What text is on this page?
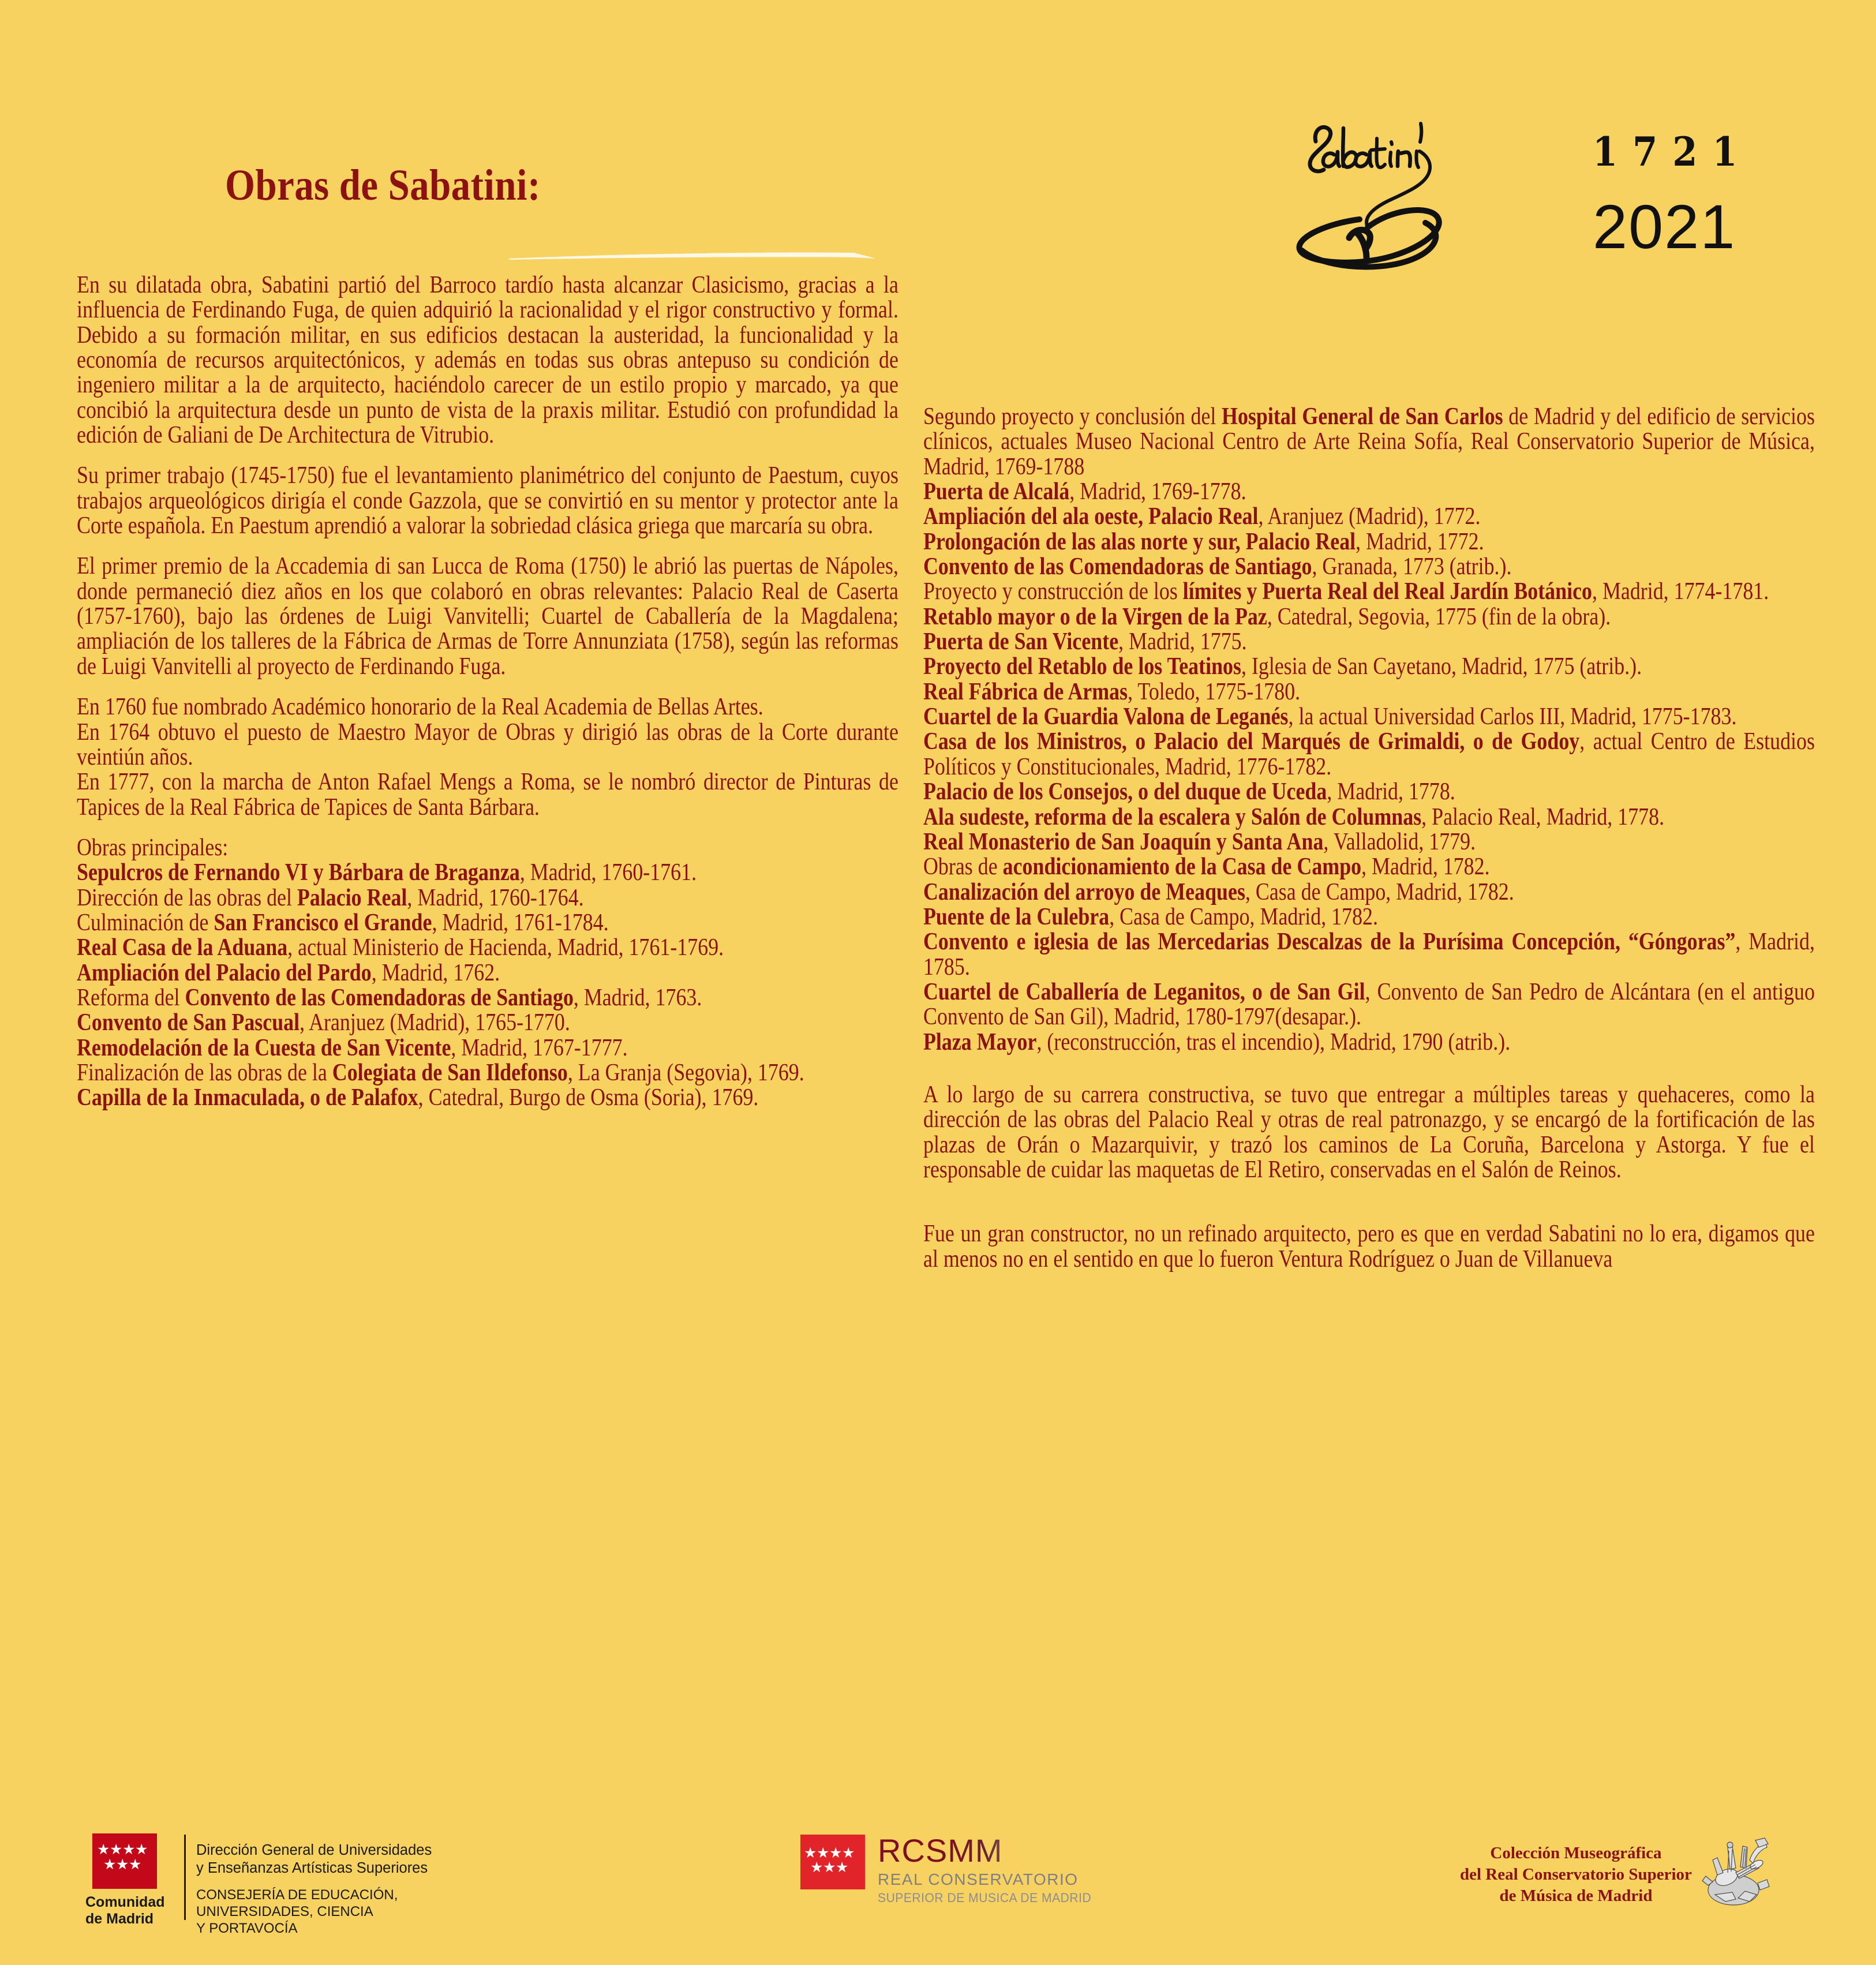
Obras de Sabatini:
1721
2021

En su dilatada obra, Sabatini partió del Barroco tardío hasta alcanzar Clasicismo, gracias a la influencia de Ferdinando Fuga, de quien adquirió la racionalidad y el rigor constructivo y formal. Debido a su formación militar, en sus edificios destacan la austeridad, la funcionalidad y la economía de recursos arquitectónicos, y además en todas sus obras antepuso su condición de ingeniero militar a la de arquitecto, haciéndolo carecer de un estilo propio y marcado, ya que concibió la arquitectura desde un punto de vista de la praxis militar. Estudió con profundidad la edición de Galiani de De Architectura de Vitrubio.

Su primer trabajo (1745-1750) fue el levantamiento planimétrico del conjunto de Paestum, cuyos trabajos arqueológicos dirigía el conde Gazzola, que se convirtió en su mentor y protector ante la Corte española. En Paestum aprendió a valorar la sobriedad clásica griega que marcaría su obra.

El primer premio de la Accademia di san Lucca de Roma (1750) le abrió las puertas de Nápoles, donde permaneció diez años en los que colaboró en obras relevantes: Palacio Real de Caserta (1757-1760), bajo las órdenes de Luigi Vanvitelli; Cuartel de Caballería de la Magdalena; ampliación de los talleres de la Fábrica de Armas de Torre Annunziata (1758), según las reformas de Luigi Vanvitelli al proyecto de Ferdinando Fuga.

En 1760 fue nombrado Académico honorario de la Real Academia de Bellas Artes.
En 1764 obtuvo el puesto de Maestro Mayor de Obras y dirigió las obras de la Corte durante veintiún años.
En 1777, con la marcha de Anton Rafael Mengs a Roma, se le nombró director de Pinturas de Tapices de la Real Fábrica de Tapices de Santa Bárbara.
Obras principales:
Sepulcros de Fernando VI y Bárbara de Braganza, Madrid, 1760-1761.
Dirección de las obras del Palacio Real, Madrid, 1760-1764.
Culminación de San Francisco el Grande, Madrid, 1761-1784.
Real Casa de la Aduana, actual Ministerio de Hacienda, Madrid, 1761-1769.
Ampliación del Palacio del Pardo, Madrid, 1762.
Reforma del Convento de las Comendadoras de Santiago, Madrid, 1763.
Convento de San Pascual, Aranjuez (Madrid), 1765-1770.
Remodelación de la Cuesta de San Vicente, Madrid, 1767-1777.
Finalización de las obras de la Colegiata de San Ildefonso, La Granja (Segovia), 1769.
Capilla de la Inmaculada, o de Palafox, Catedral, Burgo de Osma (Soria), 1769.
Segundo proyecto y conclusión del Hospital General de San Carlos de Madrid y del edificio de servicios clínicos, actuales Museo Nacional Centro de Arte Reina Sofía, Real Conservatorio Superior de Música, Madrid, 1769-1788
Puerta de Alcalá, Madrid, 1769-1778.
Ampliación del ala oeste, Palacio Real, Aranjuez (Madrid), 1772.
Prolongación de las alas norte y sur, Palacio Real, Madrid, 1772.
Convento de las Comendadoras de Santiago, Granada, 1773 (atrib.).
Proyecto y construcción de los límites y Puerta Real del Real Jardín Botánico, Madrid, 1774-1781.
Retablo mayor o de la Virgen de la Paz, Catedral, Segovia, 1775 (fin de la obra).
Puerta de San Vicente, Madrid, 1775.
Proyecto del Retablo de los Teatinos, Iglesia de San Cayetano, Madrid, 1775 (atrib.).
Real Fábrica de Armas, Toledo, 1775-1780.
Cuartel de la Guardia Valona de Leganés, la actual Universidad Carlos III, Madrid, 1775-1783.
Casa de los Ministros, o Palacio del Marqués de Grimaldi, o de Godoy, actual Centro de Estudios Políticos y Constitucionales, Madrid, 1776-1782.
Palacio de los Consejos, o del duque de Uceda, Madrid, 1778.
Ala sudeste, reforma de la escalera y Salón de Columnas, Palacio Real, Madrid, 1778.
Real Monasterio de San Joaquín y Santa Ana, Valladolid, 1779.
Obras de acondicionamiento de la Casa de Campo, Madrid, 1782.
Canalización del arroyo de Meaques, Casa de Campo, Madrid, 1782.
Puente de la Culebra, Casa de Campo, Madrid, 1782.
Convento e iglesia de las Mercedarias Descalzas de la Purísima Concepción, “Góngoras”, Madrid, 1785.
Cuartel de Caballería de Leganitos, o de San Gil, Convento de San Pedro de Alcántara (en el antiguo Convento de San Gil), Madrid, 1780-1797(desapar.).
Plaza Mayor, (reconstrucción, tras el incendio), Madrid, 1790 (atrib.).

A lo largo de su carrera constructiva, se tuvo que entregar a múltiples tareas y quehaceres, como la dirección de las obras del Palacio Real y otras de real patronazgo, y se encargó de la fortificación de las plazas de Orán o Mazarquivir, y trazó los caminos de La Coruña, Barcelona y Astorga. Y fue el responsable de cuidar las maquetas de El Retiro, conservadas en el Salón de Reinos.

Fue un gran constructor, no un refinado arquitecto, pero es que en verdad Sabatini no lo era, digamos que al menos no en el sentido en que lo fueron Ventura Rodríguez o Juan de Villanueva

★ ★ ★ ★
★ ★ ★
Comunidad
de Madrid
Dirección General de Universidades
y Enseñanzas Artísticas Superiores
CONSEJERÍA DE EDUCACIÓN,
UNIVERSIDADES, CIENCIA
Y PORTAVOCÍA
★ ★ ★ ★
★ ★ ★ RCSMM
REAL CONSERVATORIO
SUPERIOR DE MUSICA DE MADRID
Colección Museográfica
del Real Conservatorio Superior
de Música de Madrid
